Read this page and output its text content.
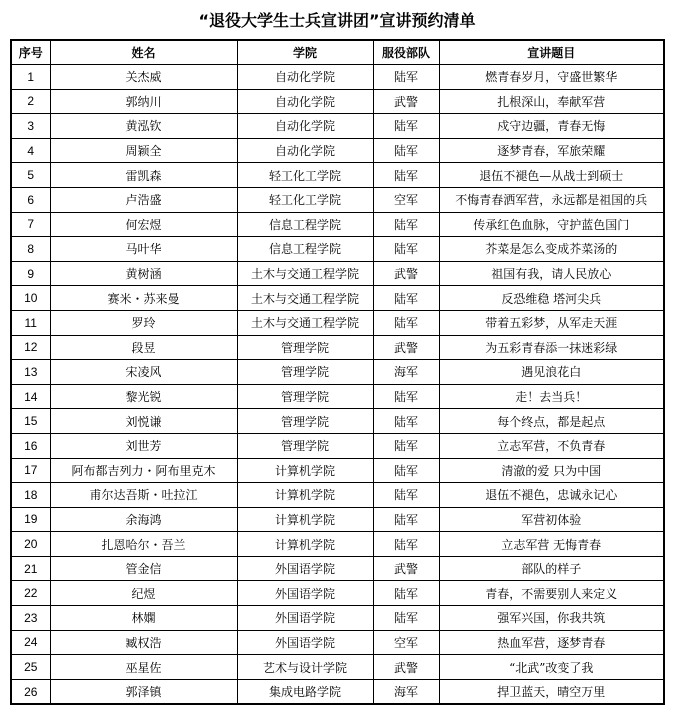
“退役大学生士兵宣讲团”宣讲预约清单
序号	姓名	学院	服役部队	宣讲题目
1	关杰威	自动化学院	陆军	燃青春岁月，守盛世繁华
2	郭纳川	自动化学院	武警	扎根深山，奉献军营
3	黄泓钦	自动化学院	陆军	戍守边疆，青春无悔
4	周颖全	自动化学院	陆军	逐梦青春，军旅荣耀
5	雷凯森	轻工化工学院	陆军	退伍不褪色—从战士到硕士
6	卢浩盛	轻工化工学院	空军	不悔青春洒军营，永远都是祖国的兵
7	何宏煜	信息工程学院	陆军	传承红色血脉，守护蓝色国门
8	马叶华	信息工程学院	陆军	芥菜是怎么变成芥菜汤的
9	黄树涵	土木与交通工程学院	武警	祖国有我，请人民放心
10	赛米・苏来曼	土木与交通工程学院	陆军	反恐维稳 塔河尖兵
11	罗玲	土木与交通工程学院	陆军	带着五彩梦，从军走天涯
12	段昱	管理学院	武警	为五彩青春添一抹迷彩绿
13	宋凌风	管理学院	海军	遇见浪花白
14	黎光锐	管理学院	陆军	走！去当兵！
15	刘悦谦	管理学院	陆军	每个终点，都是起点
16	刘世芳	管理学院	陆军	立志军营，不负青春
17	阿布都吉列力・阿布里克木	计算机学院	陆军	清澈的爱 只为中国
18	甫尔达吾斯・吐拉江	计算机学院	陆军	退伍不褪色，忠诚永记心
19	余海鸿	计算机学院	陆军	军营初体验
20	扎恩哈尔・吾兰	计算机学院	陆军	立志军营 无悔青春
21	管金信	外国语学院	武警	部队的样子
22	纪煜	外国语学院	陆军	青春，不需要别人来定义
23	林嫻	外国语学院	陆军	强军兴国，你我共筑
24	臧权浩	外国语学院	空军	热血军营，逐梦青春
25	巫星佐	艺术与设计学院	武警	“北武”改变了我
26	郭泽镇	集成电路学院	海军	捍卫蓝天，晴空万里
